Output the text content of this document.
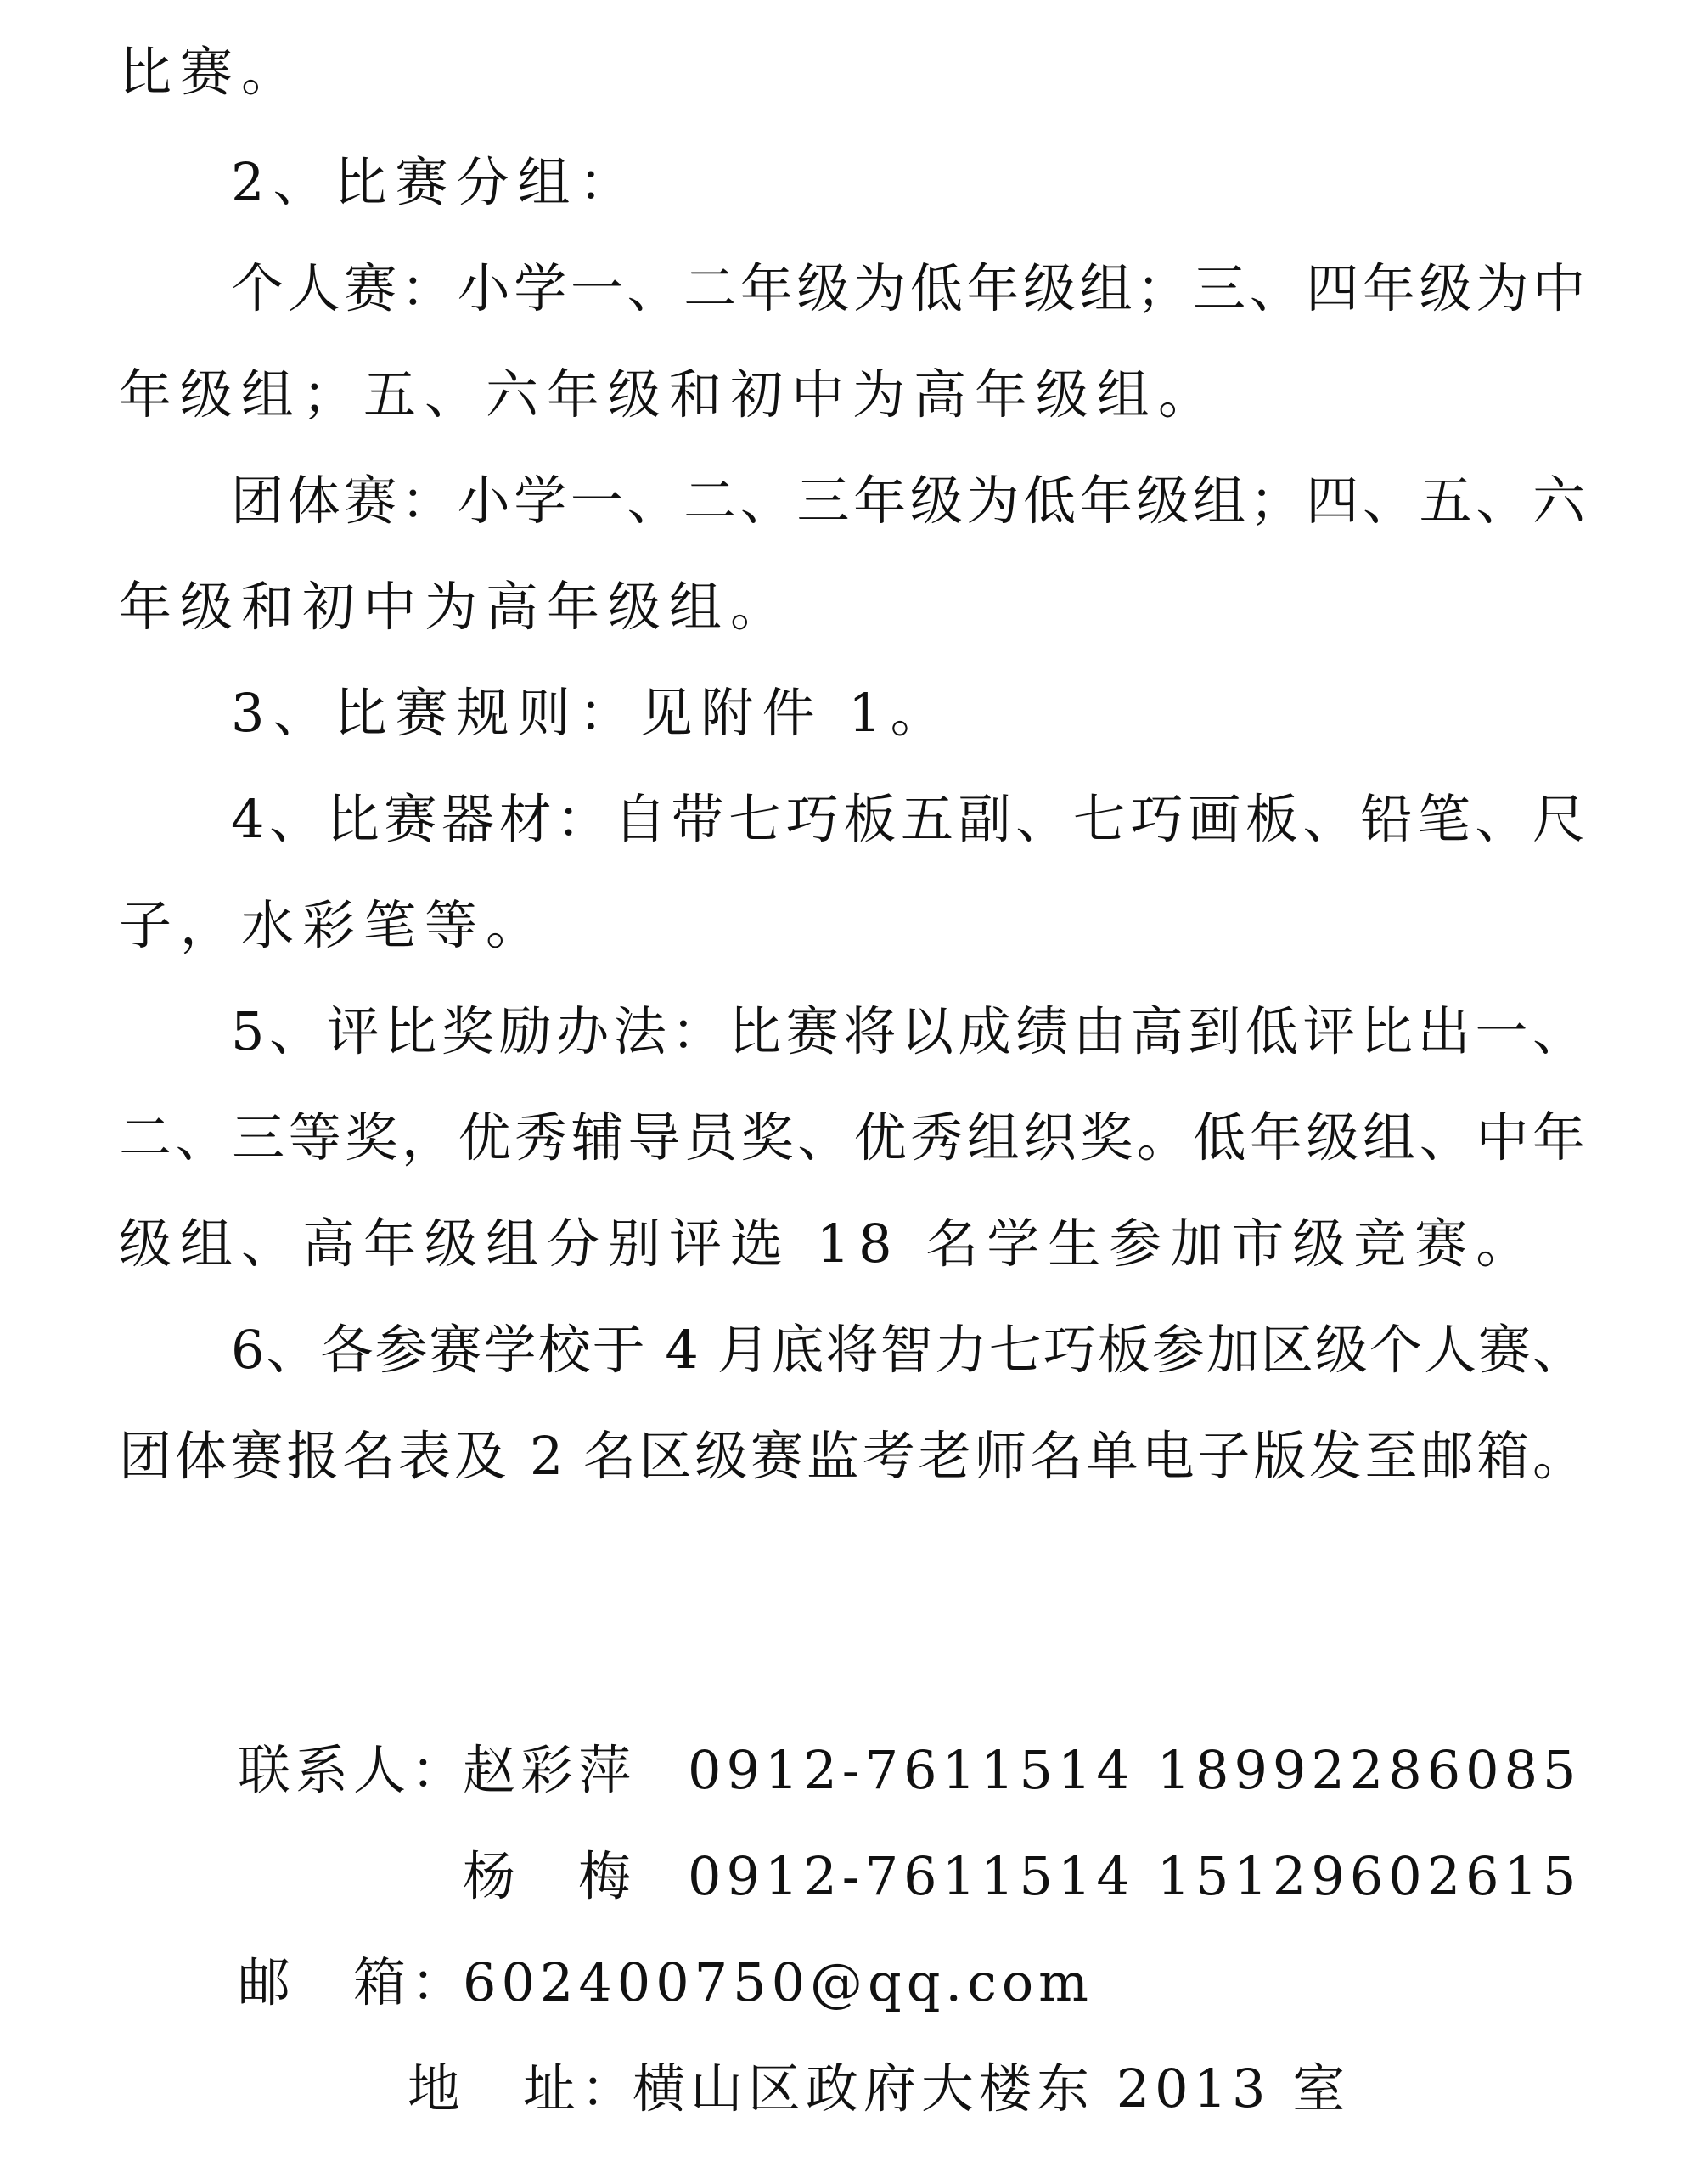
比赛。
2、比赛分组：
个人赛：小学一、二年级为低年级组；三、四年级为中
年级组；五、六年级和初中为高年级组。
团体赛：小学一、二、三年级为低年级组；四、五、六
年级和初中为高年级组。
3、比赛规则：见附件 1。
4、比赛器材：自带七巧板五副、七巧画板、铅笔、尺
子，水彩笔等。
5、评比奖励办法：比赛将以成绩由高到低评比出一、
二、三等奖，优秀辅导员奖、优秀组织奖。低年级组、中年
级组、高年级组分别评选 18 名学生参加市级竞赛。
6、各参赛学校于 4 月底将智力七巧板参加区级个人赛、
团体赛报名表及 2 名区级赛监考老师名单电子版发至邮箱。
联系人：
赵彩萍 0912-7611514 18992286085
杨　梅 0912-7611514 15129602615
邮　箱：
602400750@qq.com
地　址：
横山区政府大楼东 2013 室
